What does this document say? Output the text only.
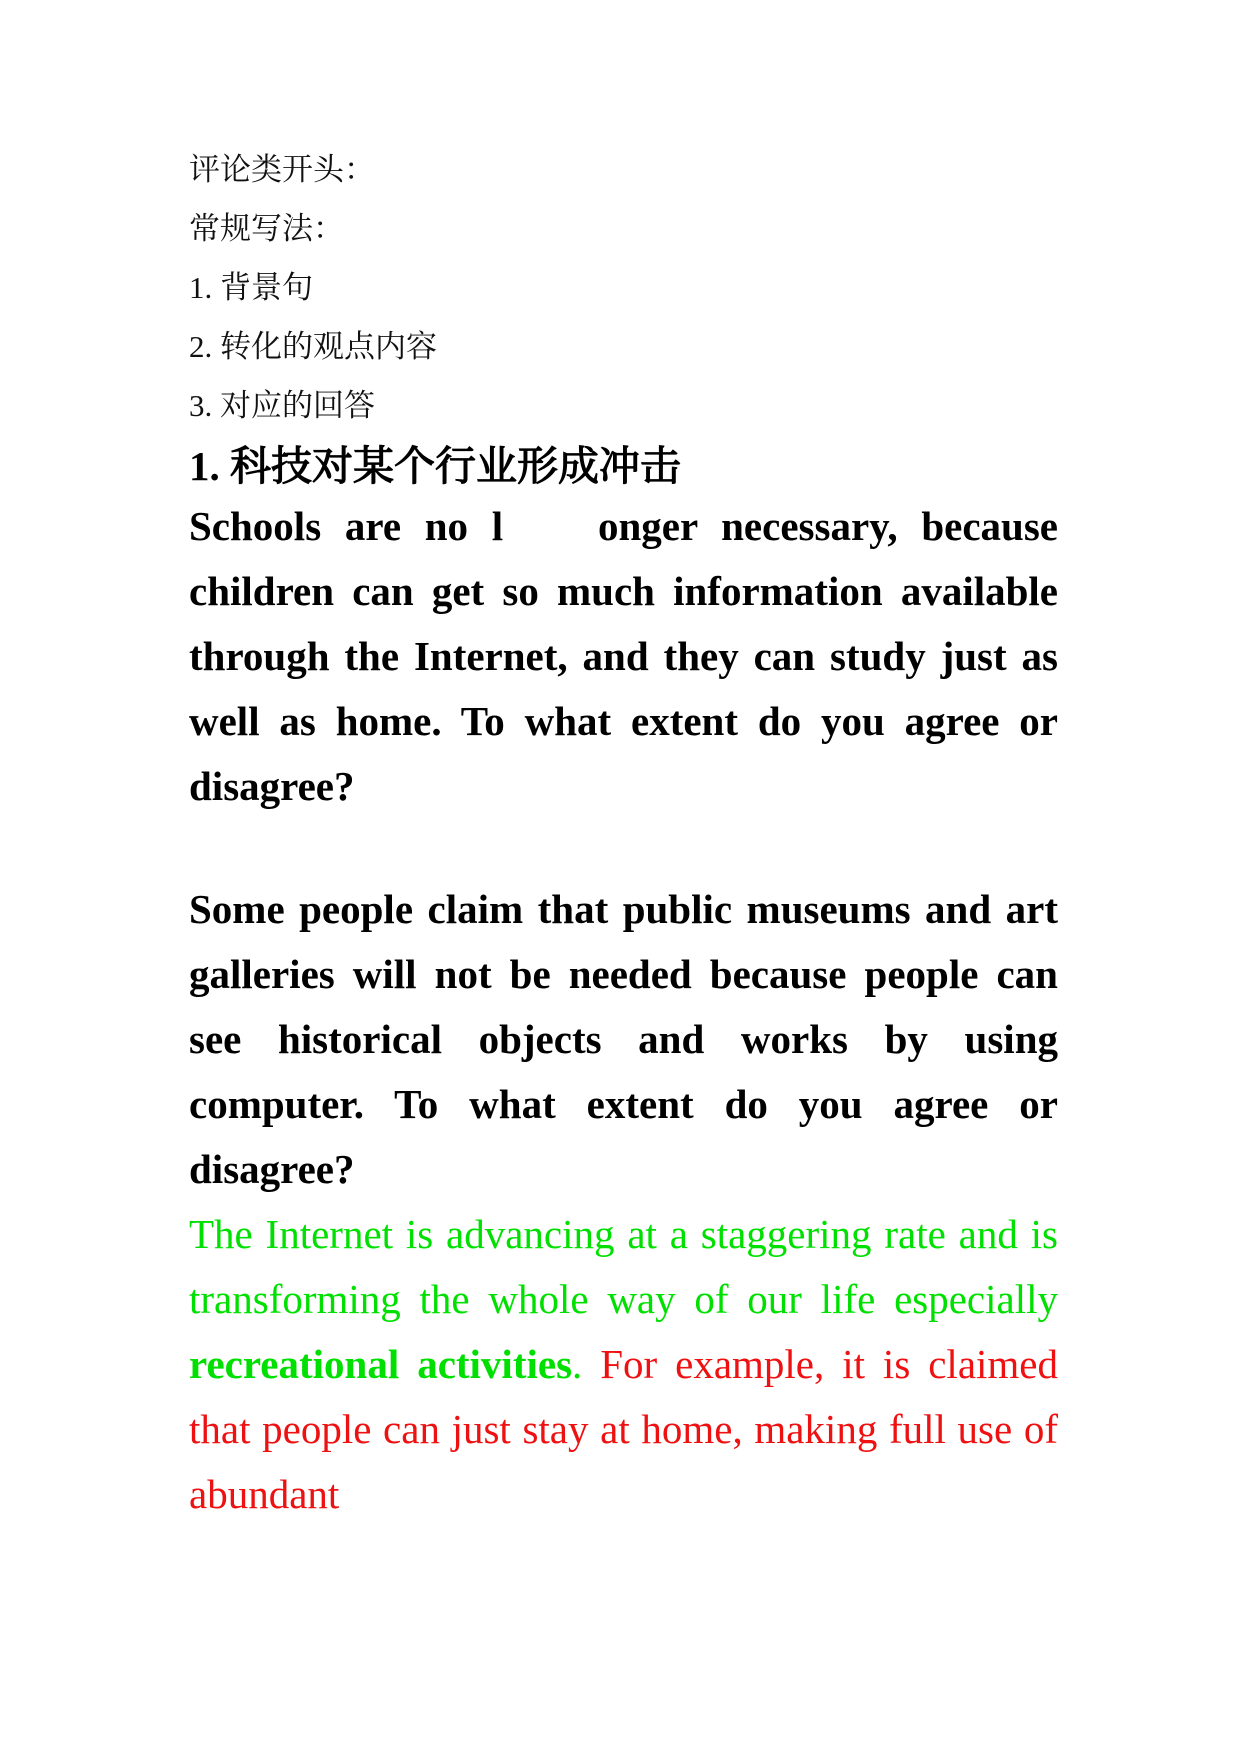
评论类开头：

常规写法：

1. 背景句

2. 转化的观点内容

3. 对应的回答

1. 科技对某个行业形成冲击

Schools are no l    onger necessary, because children can get so much information available through the Internet, and they can study just as well as home. To what extent do you agree or disagree?

Some people claim that public museums and art galleries will not be needed because people can see historical objects and works by using computer. To what extent do you agree or disagree?

The Internet is advancing at a staggering rate and is transforming the whole way of our life especially recreational activities. For example, it is claimed that people can just stay at home, making full use of abundant
